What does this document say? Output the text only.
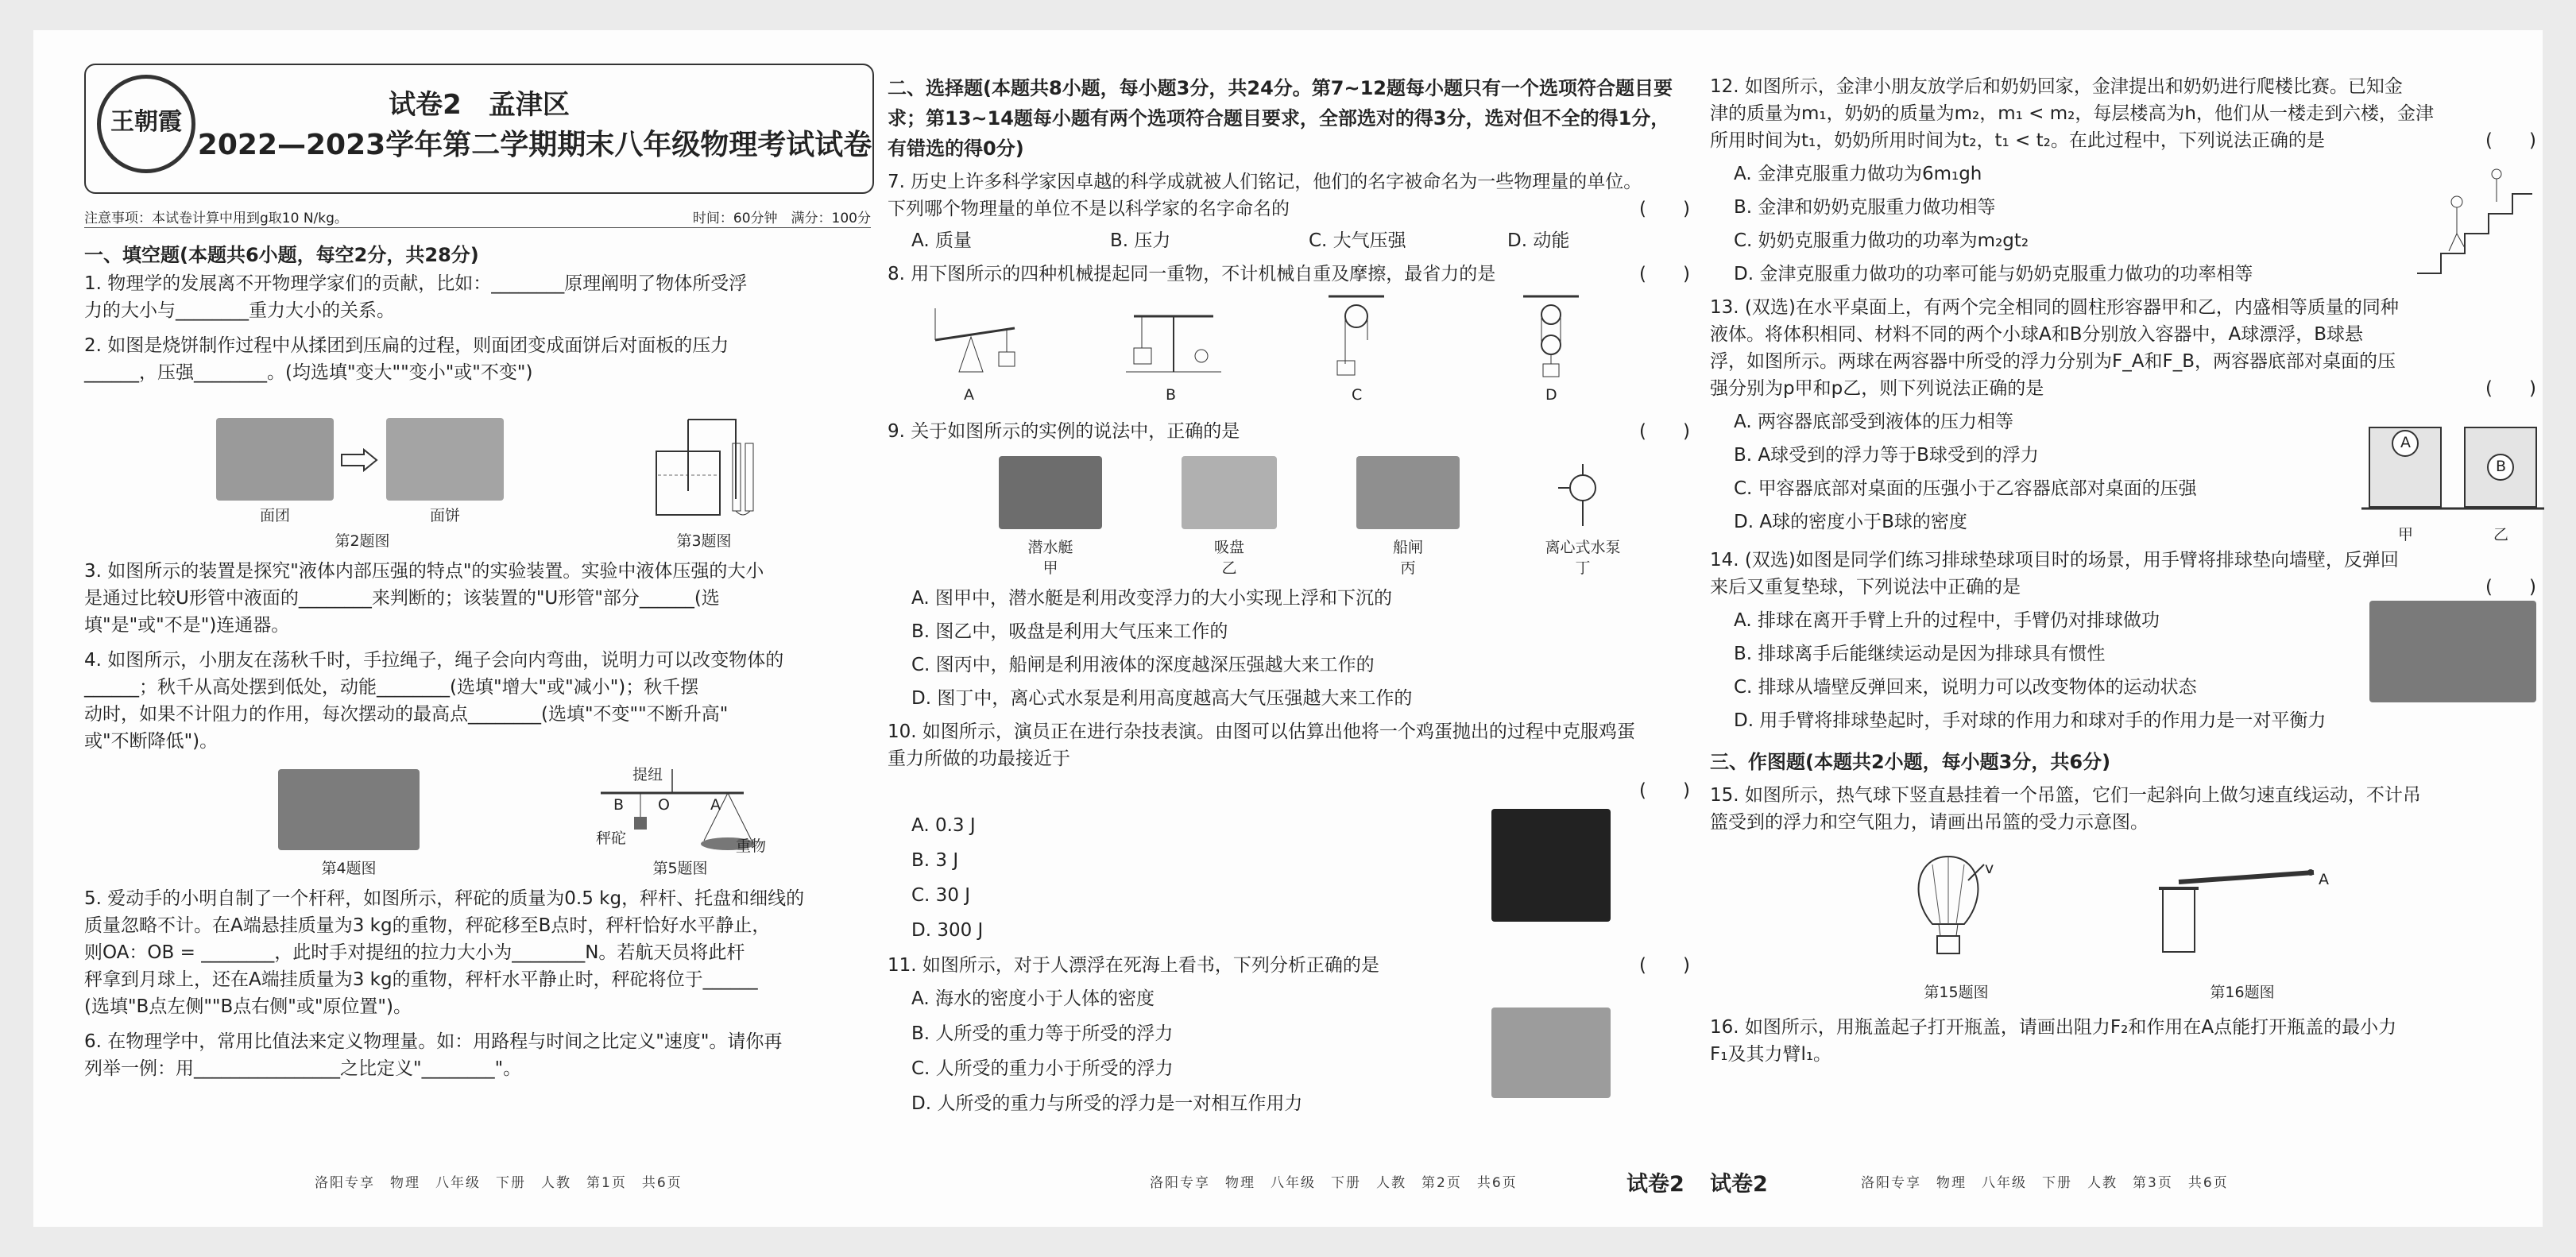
王朝霞
试卷2　孟津区
2022—2023学年第二学期期末八年级物理考试试卷
注意事项：本试卷计算中用到g取10 N/kg。	时间：60分钟　满分：100分
一、填空题(本题共6小题，每空2分，共28分)

1. 物理学的发展离不开物理学家们的贡献，比如：________原理阐明了物体所受浮

力的大小与________重力大小的关系。

2. 如图是烧饼制作过程中从揉团到压扁的过程，则面团变成面饼后对面板的压力

______，压强________。(均选填"变大""变小"或"不变")

面团	面饼
第2题图	第3题图

3. 如图所示的装置是探究"液体内部压强的特点"的实验装置。实验中液体压强的大小

是通过比较U形管中液面的________来判断的；该装置的"U形管"部分______(选

填"是"或"不是")连通器。

4. 如图所示，小朋友在荡秋千时，手拉绳子，绳子会向内弯曲，说明力可以改变物体的

______；秋千从高处摆到低处，动能________(选填"增大"或"减小")；秋千摆

动时，如果不计阻力的作用，每次摆动的最高点________(选填"不变""不断升高"

或"不断降低")。

第4题图
提纽
B O	A
秤砣	重物
第5题图

5. 爱动手的小明自制了一个杆秤，如图所示，秤砣的质量为0.5 kg，秤杆、托盘和细线的

质量忽略不计。在A端悬挂质量为3 kg的重物，秤砣移至B点时，秤杆恰好水平静止，

则OA：OB = ________，此时手对提纽的拉力大小为________N。若航天员将此杆

秤拿到月球上，还在A端挂质量为3 kg的重物，秤杆水平静止时，秤砣将位于______

(选填"B点左侧""B点右侧"或"原位置")。

6. 在物理学中，常用比值法来定义物理量。如：用路程与时间之比定义"速度"。请你再

列举一例：用________________之比定义"________"。

洛阳专享　物理　八年级　下册　人教　第1页　共6页
二、选择题(本题共8小题，每小题3分，共24分。第7~12题每小题只有一个选项符合题目要
求；第13~14题每小题有两个选项符合题目要求，全部选对的得3分，选对但不全的得1分，
有错选的得0分)

7. 历史上许多科学家因卓越的科学成就被人们铭记，他们的名字被命名为一些物理量的单位。

下列哪个物理量的单位不是以科学家的名字命名的	(　　)
A. 质量	B. 压力	C. 大气压强	D. 动能

8. 用下图所示的四种机械提起同一重物，不计机械自重及摩擦，最省力的是	(　　)
A	B	C	D

9. 关于如图所示的实例的说法中，正确的是	(　　)
潜水艇	吸盘	船闸	离心式水泵
甲	乙	丙	丁
A. 图甲中，潜水艇是利用改变浮力的大小实现上浮和下沉的
B. 图乙中，吸盘是利用大气压来工作的
C. 图丙中，船闸是利用液体的深度越深压强越大来工作的
D. 图丁中，离心式水泵是利用高度越高大气压强越大来工作的

10. 如图所示，演员正在进行杂技表演。由图可以估算出他将一个鸡蛋抛出的过程中克服鸡蛋

重力所做的功最接近于

(　　)
A. 0.3 J
B. 3 J
C. 30 J
D. 300 J

11. 如图所示，对于人漂浮在死海上看书，下列分析正确的是	(　　)
A. 海水的密度小于人体的密度
B. 人所受的重力等于所受的浮力
C. 人所受的重力小于所受的浮力
D. 人所受的重力与所受的浮力是一对相互作用力
洛阳专享　物理　八年级　下册　人教　第2页　共6页	试卷2

12. 如图所示，金津小朋友放学后和奶奶回家，金津提出和奶奶进行爬楼比赛。已知金

津的质量为m₁，奶奶的质量为m₂，m₁ < m₂，每层楼高为h，他们从一楼走到六楼，金津

所用时间为t₁，奶奶所用时间为t₂，t₁ < t₂。在此过程中，下列说法正确的是	(　　)
A. 金津克服重力做功为6m₁gh
B. 金津和奶奶克服重力做功相等
C. 奶奶克服重力做功的功率为m₂gt₂
D. 金津克服重力做功的功率可能与奶奶克服重力做功的功率相等

13. (双选)在水平桌面上，有两个完全相同的圆柱形容器甲和乙，内盛相等质量的同种

液体。将体积相同、材料不同的两个小球A和B分别放入容器中，A球漂浮，B球悬

浮，如图所示。两球在两容器中所受的浮力分别为F_A和F_B，两容器底部对桌面的压

强分别为p甲和p乙，则下列说法正确的是	(　　)
A. 两容器底部受到液体的压力相等
B. A球受到的浮力等于B球受到的浮力
C. 甲容器底部对桌面的压强小于乙容器底部对桌面的压强
D. A球的密度小于B球的密度
A
B
甲	乙

14. (双选)如图是同学们练习排球垫球项目时的场景，用手臂将排球垫向墙壁，反弹回

来后又重复垫球，下列说法中正确的是	(　　)
A. 排球在离开手臂上升的过程中，手臂仍对排球做功
B. 排球离手后能继续运动是因为排球具有惯性
C. 排球从墙壁反弹回来，说明力可以改变物体的运动状态
D. 用手臂将排球垫起时，手对球的作用力和球对手的作用力是一对平衡力
三、作图题(本题共2小题，每小题3分，共6分)

15. 如图所示，热气球下竖直悬挂着一个吊篮，它们一起斜向上做匀速直线运动，不计吊

篮受到的浮力和空气阻力，请画出吊篮的受力示意图。

v
A
第15题图	第16题图

16. 如图所示，用瓶盖起子打开瓶盖，请画出阻力F₂和作用在A点能打开瓶盖的最小力

F₁及其力臂l₁。

试卷2	洛阳专享　物理　八年级　下册　人教　第3页　共6页
